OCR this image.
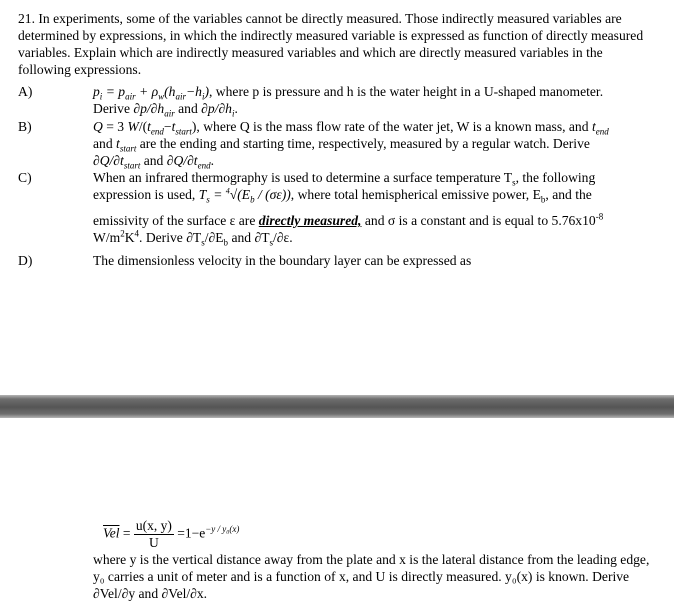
21. In experiments, some of the variables cannot be directly measured. Those indirectly measured variables are determined by expressions, in which the indirectly measured variable is expressed as function of directly measured variables. Explain which are indirectly measured variables and which are directly measured variables in the following expressions.
A)	$p_i = p_{air} + \rho_w(h_{air}-h_i)$, where p is pressure and h is the water height in a U-shaped manometer.
Derive $\partial p/\partial h_{air}$ and $\partial p/\partial h_i$.
B)	Q = 3 $W/(t_{end}-t_{start})$, where Q is the mass flow rate of the water jet, W is a known mass, and $t_{end}$
and $t_{start}$ are the ending and starting time, respectively, measured by a regular watch. Derive
$\partial Q/\partial t_{start}$ and $\partial Q/\partial t_{end}$.
C)	When an infrared thermography is used to determine a surface temperature $T_s$, the following
expression is used, $T_s = ^4√(E_b / (\sigma\varepsilon))$, where total hemispherical emissive power, $E_b$, and the
emissivity of the surface ε are directly measured, and σ is a constant and is equal to $5.76x10^{-8}$
$W/m^2K^4$. Derive $\partial T_s/\partial E_b$ and $\partial T_s/\partial\varepsilon$.
D)	The dimensionless velocity in the boundary layer can be expressed as
$\overline{Vel} = \frac{u(x, y)}{U} =1-e^{-y / y_0(x)}$
where y is the vertical distance away from the plate and x is the lateral distance from the leading edge, y₀ carries a unit of meter and is a function of x, and U is directly measured. y₀(x) is known. Derive ∂Vel/∂y and ∂Vel/∂x.
